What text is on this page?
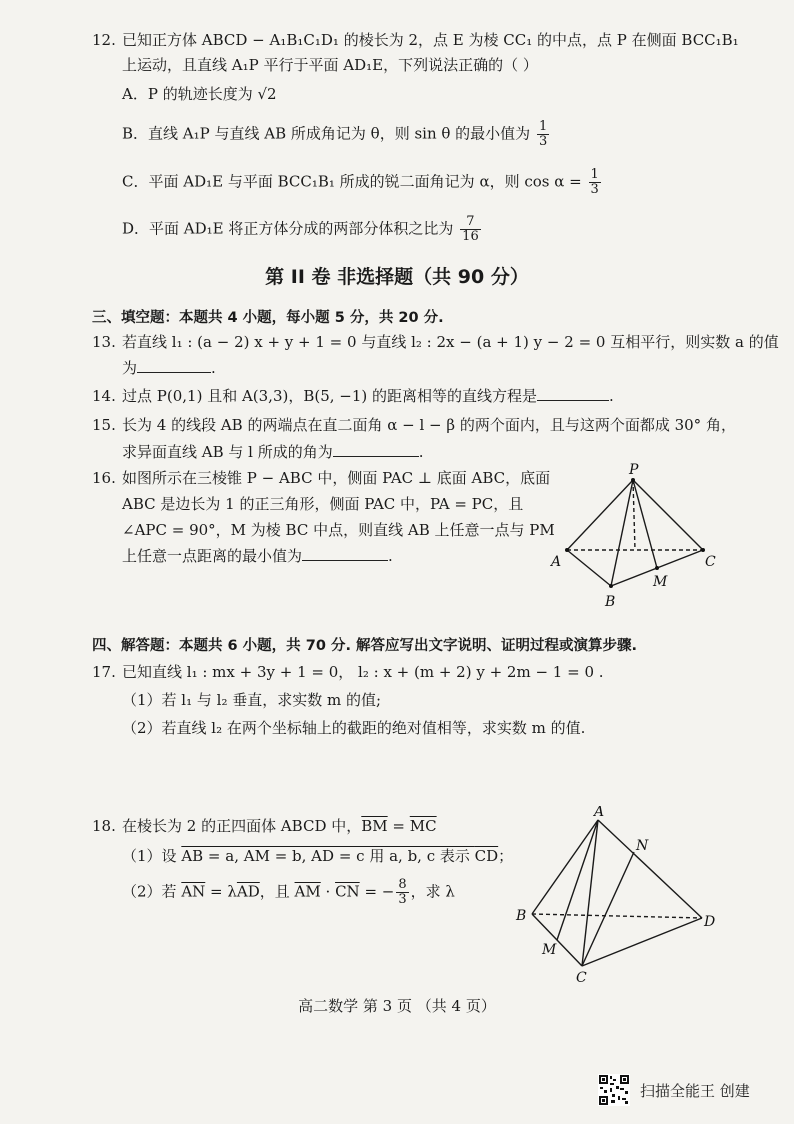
12. 已知正方体 ABCD − A₁B₁C₁D₁ 的棱长为 2，点 E 为棱 CC₁ 的中点，点 P 在侧面 BCC₁B₁
上运动，且直线 A₁P 平行于平面 AD₁E，下列说法正确的（ ）
A．P 的轨迹长度为 √2
B．直线 A₁P 与直线 AB 所成角记为 θ，则 sin θ 的最小值为 $\frac{1}{3}$
C．平面 AD₁E 与平面 BCC₁B₁ 所成的锐二面角记为 α，则 $\cos \alpha = \frac{1}{3}$
D．平面 AD₁E 将正方体分成的两部分体积之比为 $\frac{7}{16}$
第 II 卷 非选择题（共 90 分）
三、填空题：本题共 4 小题，每小题 5 分，共 20 分.
13. 若直线 l₁ : (a − 2) x + y + 1 = 0 与直线 l₂ : 2x − (a + 1) y − 2 = 0 互相平行，则实数 a 的值
为	.
14. 过点 P(0,1) 且和 A(3,3)，B(5, −1) 的距离相等的直线方程是	.
15. 长为 4 的线段 AB 的两端点在直二面角 α − l − β 的两个面内，且与这两个面都成 30° 角，
求异面直线 AB 与 l 所成的角为	.
16. 如图所示在三棱锥 P − ABC 中，侧面 PAC ⊥ 底面 ABC，底面
ABC 是边长为 1 的正三角形，侧面 PAC 中，PA = PC，且
∠APC = 90°，M 为棱 BC 中点，则直线 AB 上任意一点与 PM
上任意一点距离的最小值为	.
P
A
B
C
M
四、解答题：本题共 6 小题，共 70 分. 解答应写出文字说明、证明过程或演算步骤.
17. 已知直线 l₁ : mx + 3y + 1 = 0， l₂ : x + (m + 2) y + 2m − 1 = 0 .
（1）若 l₁ 与 l₂ 垂直，求实数 m 的值;
（2）若直线 l₂ 在两个坐标轴上的截距的绝对值相等，求实数 m 的值.
18. 在棱长为 2 的正四面体 ABCD 中，$\overline{BM} = \overline{MC}$
（1）设 AB = a, AM = b, AD = c 用 a, b, c 表示 $\overline{CD}$；
（2）若 $\overline{AN} = \lambda\overline{AD}$，且 $\overline{AM} \cdot \overline{CN}$ = − $\frac{8}{3}$ ，求 λ
A
N
B	D
M
C
高二数学 第 3 页 （共 4 页）
扫描全能王 创建
